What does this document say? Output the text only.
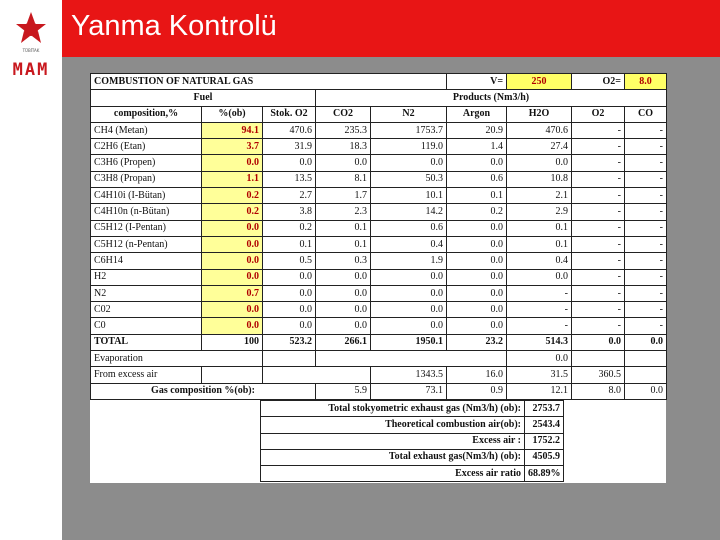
Yanma Kontrolü
TÜBİTAK
MAM
COMBUSTION OF NATURAL GAS					V=	250	O2=	8.0
Fuel			Products (Nm3/h)					
composition,%	%(ob)	Stok. O2	CO2	N2	Argon	H2O	O2	CO
CH4 (Metan)	94.1	470.6	235.3	1753.7	20.9	470.6	-	-
C2H6 (Etan)	3.7	31.9	18.3	119.0	1.4	27.4	-	-
C3H6 (Propen)	0.0	0.0	0.0	0.0	0.0	0.0	-	-
C3H8 (Propan)	1.1	13.5	8.1	50.3	0.6	10.8	-	-
C4H10i (I-Bütan)	0.2	2.7	1.7	10.1	0.1	2.1	-	-
C4H10n (n-Bütan)	0.2	3.8	2.3	14.2	0.2	2.9	-	-
C5H12 (I-Pentan)	0.0	0.2	0.1	0.6	0.0	0.1	-	-
C5H12 (n-Pentan)	0.0	0.1	0.1	0.4	0.0	0.1	-	-
C6H14	0.0	0.5	0.3	1.9	0.0	0.4	-	-
H2	0.0	0.0	0.0	0.0	0.0	0.0	-	-
N2	0.7	0.0	0.0	0.0	0.0	-	-	-
C02	0.0	0.0	0.0	0.0	0.0	-	-	-
C0	0.0	0.0	0.0	0.0	0.0	-	-	-
TOTAL	100	523.2	266.1	1950.1	23.2	514.3	0.0	0.0
Evaporation						0.0		
From excess air				1343.5	16.0	31.5	360.5	
Gas composition %(ob):			5.9	73.1	0.9	12.1	8.0	0.0
Total stokyometric exhaust gas (Nm3/h) (ob):	2753.7
Theoretical combustion air(ob):	2543.4
Excess air :	1752.2
Total exhaust gas(Nm3/h) (ob):	4505.9
Excess air ratio	68.89%
